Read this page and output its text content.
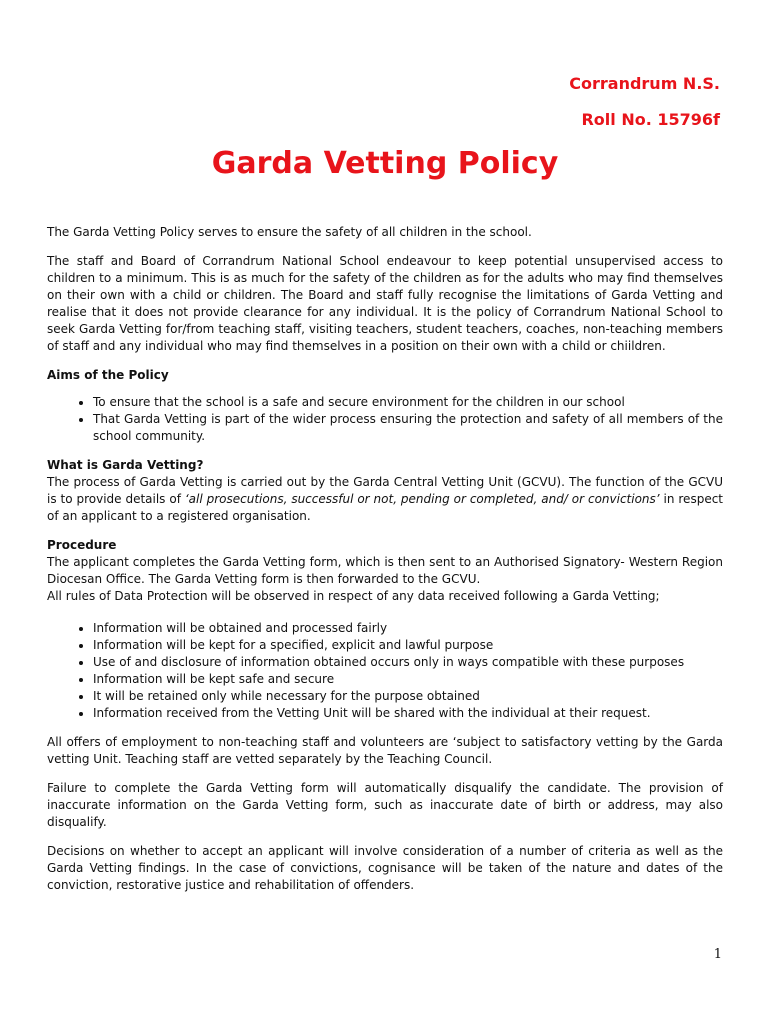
Corrandrum N.S.
Roll No. 15796f
Garda Vetting Policy

The Garda Vetting Policy serves to ensure the safety of all children in the school.

The staff and Board of Corrandrum National School endeavour to keep potential unsupervised access to children to a minimum. This is as much for the safety of the children as for the adults who may find themselves on their own with a child or children. The Board and staff fully recognise the limitations of Garda Vetting and realise that it does not provide clearance for any individual. It is the policy of Corrandrum National School to seek Garda Vetting for/from teaching staff, visiting teachers, student teachers, coaches, non-teaching members of staff and any individual who may find themselves in a position on their own with a child or chiildren.

Aims of the Policy
• To ensure that the school is a safe and secure environment for the children in our school
• That Garda Vetting is part of the wider process ensuring the protection and safety of all members of the school community.
What is Garda Vetting?

The process of Garda Vetting is carried out by the Garda Central Vetting Unit (GCVU). The function of the GCVU is to provide details of ‘all prosecutions, successful or not, pending or completed, and/ or convictions’ in respect of an applicant to a registered organisation.

Procedure

The applicant completes the Garda Vetting form, which is then sent to an Authorised Signatory- Western Region Diocesan Office. The Garda Vetting form is then forwarded to the GCVU.

All rules of Data Protection will be observed in respect of any data received following a Garda Vetting;

• Information will be obtained and processed fairly
• Information will be kept for a specified, explicit and lawful purpose
• Use of and disclosure of information obtained occurs only in ways compatible with these purposes
• Information will be kept safe and secure
• It will be retained only while necessary for the purpose obtained
• Information received from the Vetting Unit will be shared with the individual at their request.

All offers of employment to non-teaching staff and volunteers are ‘subject to satisfactory vetting by the Garda vetting Unit. Teaching staff are vetted separately by the Teaching Council.

Failure to complete the Garda Vetting form will automatically disqualify the candidate. The provision of inaccurate information on the Garda Vetting form, such as inaccurate date of birth or address, may also disqualify.

Decisions on whether to accept an applicant will involve consideration of a number of criteria as well as the Garda Vetting findings. In the case of convictions, cognisance will be taken of the nature and dates of the conviction, restorative justice and rehabilitation of offenders.

1
